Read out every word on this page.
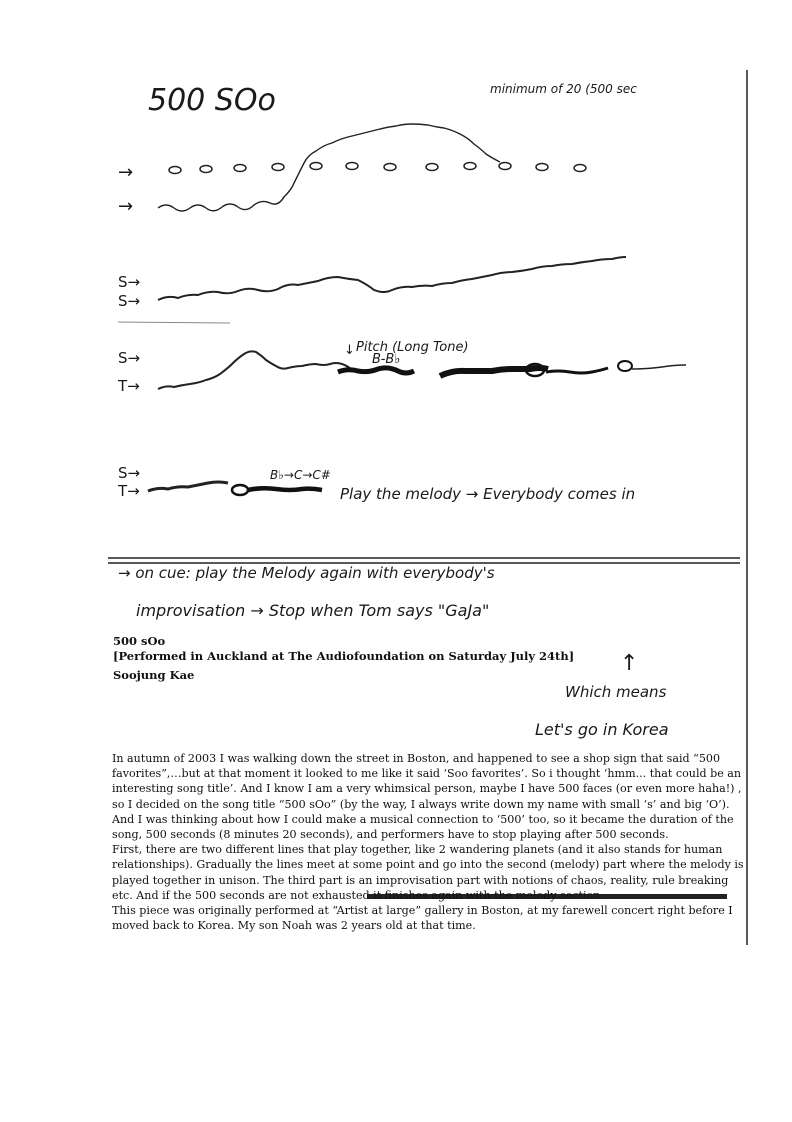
500 SOo	minimum of 20 (500 sec
→
→
S→
S→
S→
T→
Pitch (Long Tone)
B-B♭
↓
S→
T→
B♭→C→C#
Play the melody → Everybody comes in
→ on cue: play the Melody again with everybody's
improvisation → Stop when Tom says "GaJa"
↑
Which means
Let's go in Korea
500 sOo
[Performed in Auckland at The Audiofoundation on Saturday July 24th]
Soojung Kae

In autumn of 2003 I was walking down the street in Boston, and happened to see a shop sign that said “500 favorites”,…but at that moment it looked to me like it said ‘Soo favorites’. So i thought ‘hmm... that could be an interesting song title’. And I know I am a very whimsical person, maybe I have 500 faces (or even more haha!) , so I decided on the song title “500 sOo” (by the way, I always write down my name with small ‘s’ and big ‘O’). And I was thinking about how I could make a musical connection to ‘500’ too, so it became the duration of the song, 500 seconds (8 minutes 20 seconds), and performers have to stop playing after 500 seconds.

First, there are two different lines that play together, like 2 wandering planets (and it also stands for human relationships). Gradually the lines meet at some point and go into the second (melody) part where the melody is played together in unison. The third part is an improvisation part with notions of chaos, reality, rule breaking etc. And if the 500 seconds are not exhausted it finishes again with the melody section.

This piece was originally performed at “Artist at large” gallery in Boston, at my farewell concert right before I moved back to Korea. My son Noah was 2 years old at that time.
